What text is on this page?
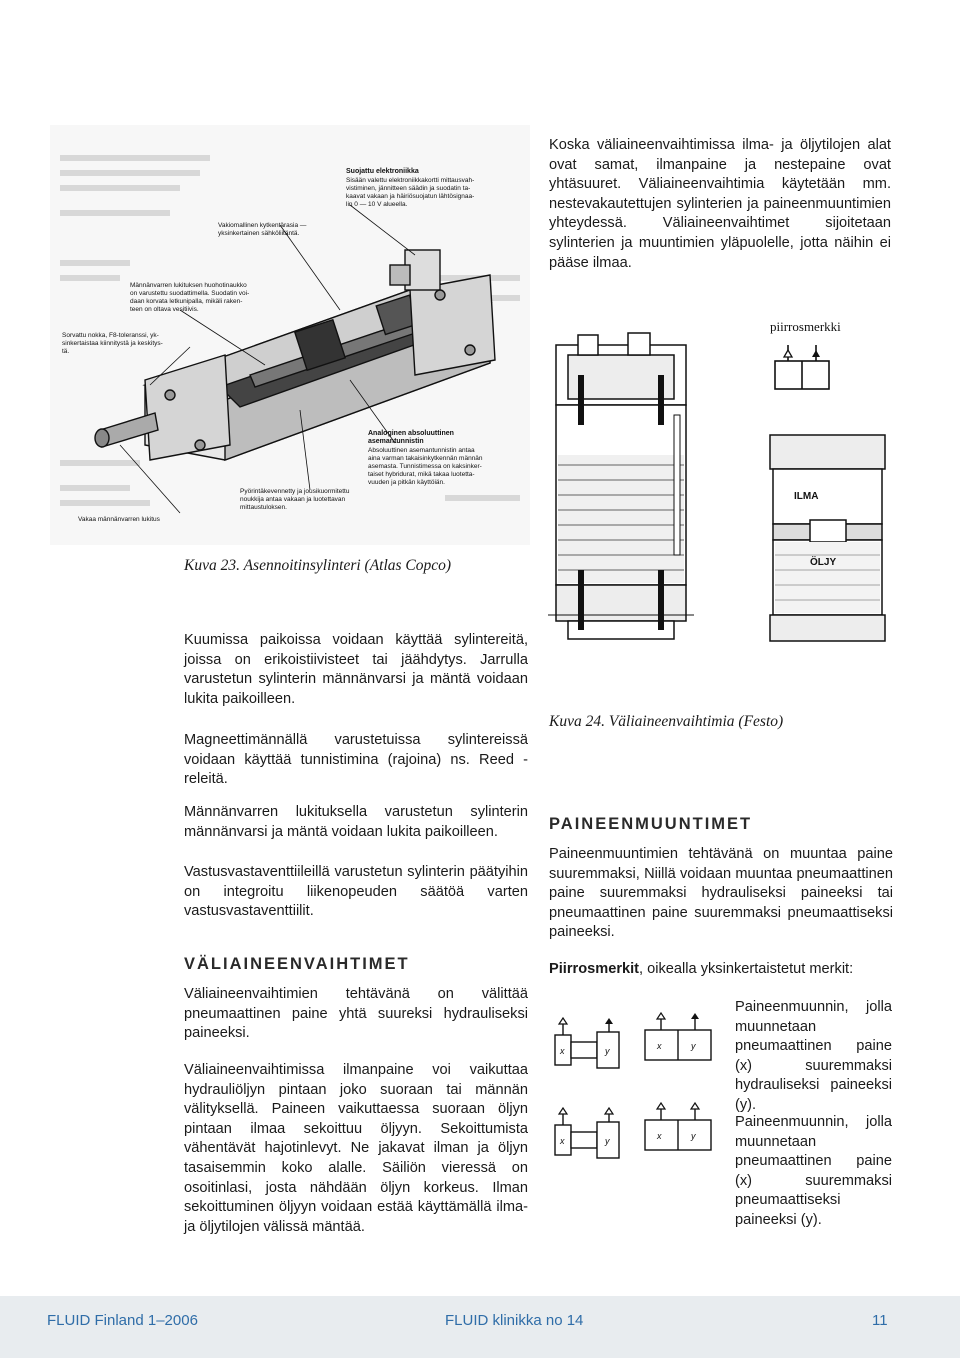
Suojattu elektroniikka
Sisään valettu elektroniikkakortti mittausvah-
vistiminen, jännitteen säädin ja suodatin ta-
kaavat vakaan ja häiriösuojatun lähtösignaa-
lin 0 — 10 V alueella.
Vakiomallinen kytkentärasia —
yksinkertainen sähköliitäntä.
Männänvarren lukituksen huohotinaukko
on varustettu suodattimella. Suodatin voi-
daan korvata letkunipalla, mikäli raken-
teen on oltava vesitiivis.
Sorvattu nokka, F8-toleranssi, yk-
sinkertaistaa kiinnitystä ja keskitys-
tä.
Analoginen absoluuttinen
asemantunnistin
Absoluuttinen asemantunnistin antaa
aina varman takaisinkytkennän männän
asemasta. Tunnistimessa on kaksinker-
taiset hybridurat, mikä takaa luotetta-
vuuden ja pitkän käyttöiän.
Pyörintäkevennetty ja jousikuormitettu
noukkija antaa vakaan ja luotettavan
mittaustuloksen.
Vakaa männänvarren lukitus
Kuva 23. Asennoitinsylinteri (Atlas Copco)
Koska väliaineenvaihtimissa ilma- ja öljytilojen alat ovat samat, ilmanpaine ja nestepaine ovat yhtäsuuret. Väliaineenvaihtimia käytetään mm. nestevakautettujen sylinterien ja paineenmuuntimien yhteydessä. Väliaineenvaihtimet sijoitetaan sylinterien ja muuntimien yläpuolelle, jotta näihin ei pääse ilmaa.
piirrosmerkki
ILMA
ÖLJY
Kuva 24. Väliaineenvaihtimia (Festo)
Kuumissa paikoissa voidaan käyttää sylintereitä, joissa on erikoistiivisteet tai jäähdytys. Jarrulla varustetun sylinterin männänvarsi ja mäntä voidaan lukita paikoilleen.
Magneettimännällä varustetuissa sylintereissä voidaan käyttää tunnistimina (rajoina) ns. Reed -releitä.
Männänvarren lukituksella varustetun sylinterin männänvarsi ja mäntä voidaan lukita paikoilleen.
Vastusvastaventtiileillä varustetun sylinterin päätyihin on integroitu liikenopeuden säätöä varten vastusvastaventtiilit.
VÄLIAINEENVAIHTIMET
Väliaineenvaihtimien tehtävänä on välittää pneumaattinen paine yhtä suureksi hydrauliseksi paineeksi.
Väliaineenvaihtimissa ilmanpaine voi vaikuttaa hydrauliöljyn pintaan joko suoraan tai männän välityksellä. Paineen vaikuttaessa suoraan öljyn pintaan ilmaa sekoittuu öljyyn. Sekoittumista vähentävät hajotinlevyt. Ne jakavat ilman ja öljyn tasaisemmin koko alalle. Säiliön vieressä on osoitinlasi, josta nähdään öljyn korkeus. Ilman sekoittuminen öljyyn voidaan estää käyttämällä ilma- ja öljytilojen välissä mäntää.
PAINEENMUUNTIMET
Paineenmuuntimien tehtävänä on muuntaa paine suuremmaksi, Niillä voidaan muuntaa pneumaattinen paine suuremmaksi hydrauliseksi paineeksi tai pneumaattinen paine suuremmaksi pneumaattiseksi paineeksi.
Piirrosmerkit, oikealla yksinkertaistetut merkit:
x	y	x	y
x	y	x	y
Paineenmuunnin, jolla muunnetaan pneumaattinen paine (x) suuremmaksi hydrauliseksi paineeksi (y).
Paineenmuunnin, jolla muunnetaan pneumaattinen paine (x) suuremmaksi pneumaattiseksi paineeksi (y).
FLUID Finland 1–2006	FLUID klinikka no 14	11
